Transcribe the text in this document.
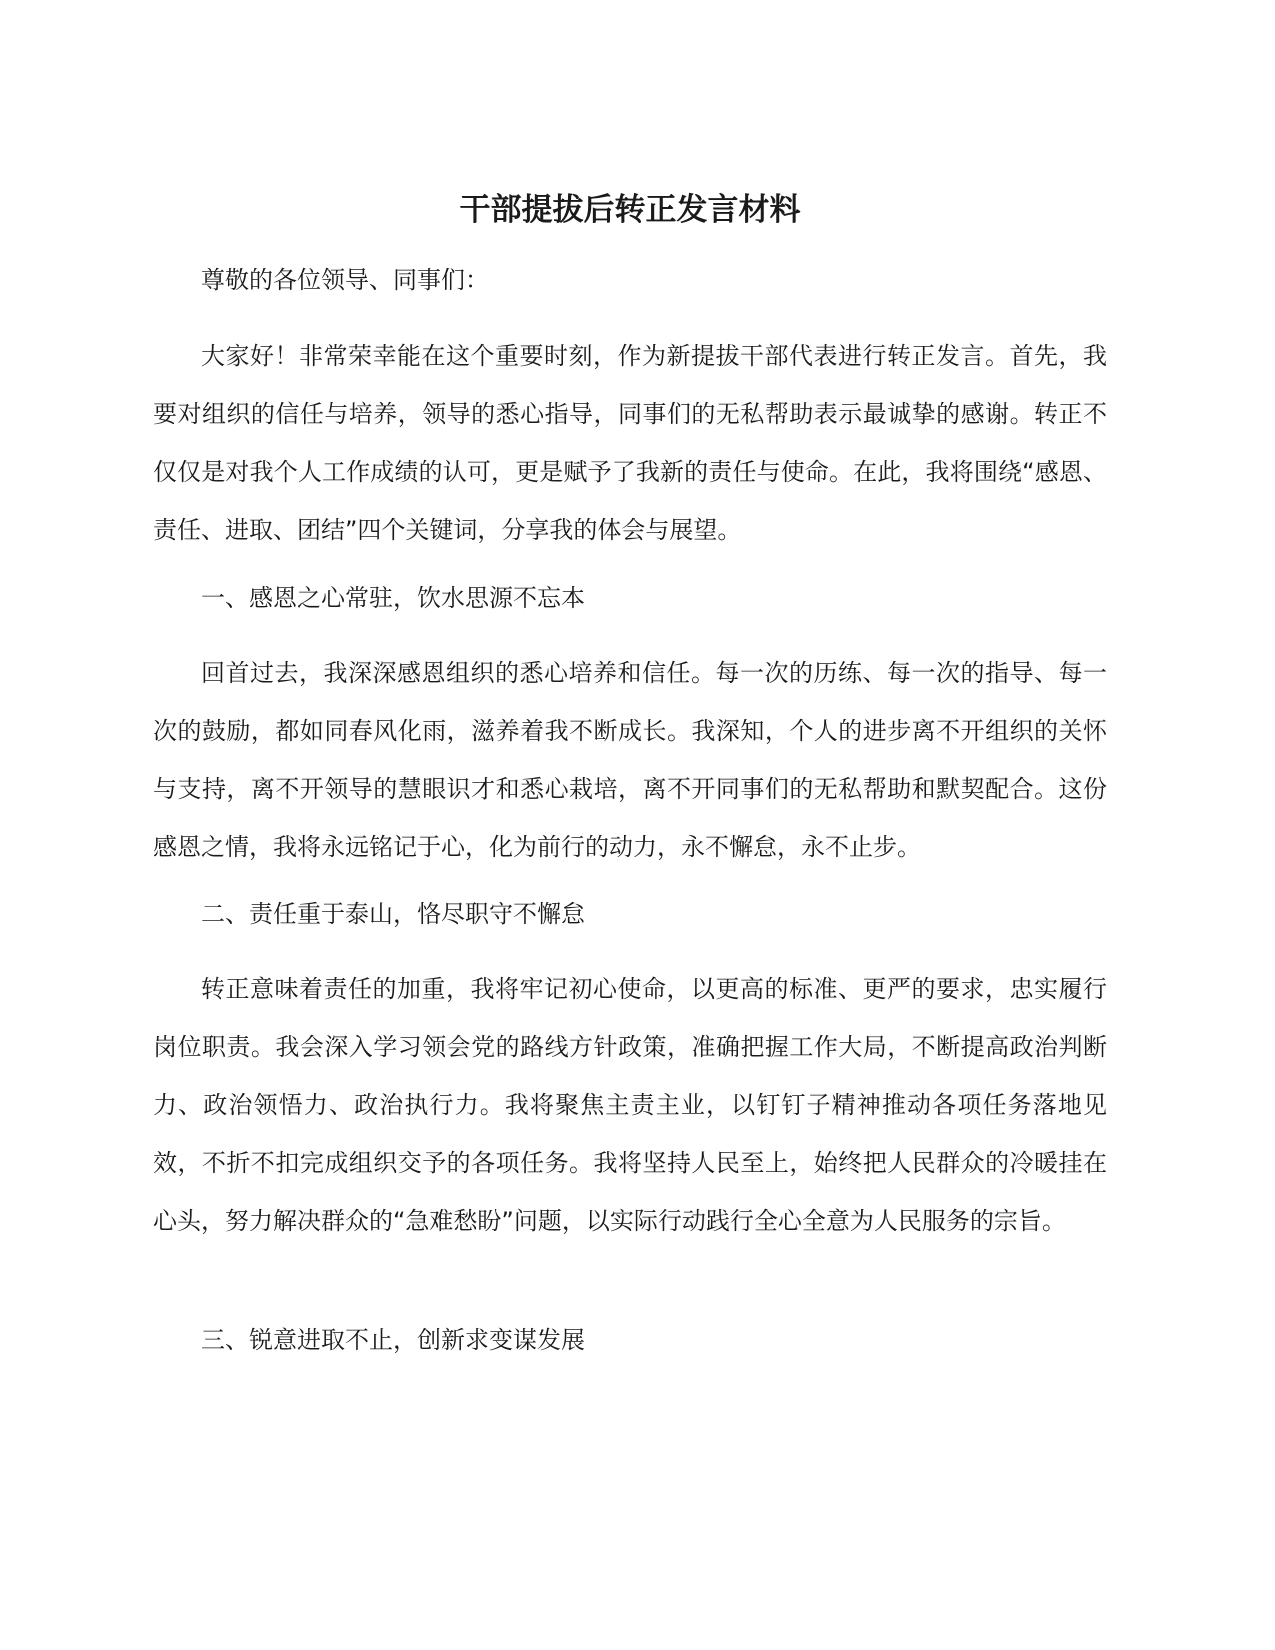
干部提拔后转正发言材料

尊敬的各位领导、同事们：

大家好！非常荣幸能在这个重要时刻，作为新提拔干部代表进行转正发言。首先，我要对组织的信任与培养，领导的悉心指导，同事们的无私帮助表示最诚挚的感谢。转正不仅仅是对我个人工作成绩的认可，更是赋予了我新的责任与使命。在此，我将围绕“感恩、责任、进取、团结”四个关键词，分享我的体会与展望。

一、感恩之心常驻，饮水思源不忘本

回首过去，我深深感恩组织的悉心培养和信任。每一次的历练、每一次的指导、每一次的鼓励，都如同春风化雨，滋养着我不断成长。我深知，个人的进步离不开组织的关怀与支持，离不开领导的慧眼识才和悉心栽培，离不开同事们的无私帮助和默契配合。这份感恩之情，我将永远铭记于心，化为前行的动力，永不懈怠，永不止步。

二、责任重于泰山，恪尽职守不懈怠

转正意味着责任的加重，我将牢记初心使命，以更高的标准、更严的要求，忠实履行岗位职责。我会深入学习领会党的路线方针政策，准确把握工作大局，不断提高政治判断力、政治领悟力、政治执行力。我将聚焦主责主业，以钉钉子精神推动各项任务落地见效，不折不扣完成组织交予的各项任务。我将坚持人民至上，始终把人民群众的冷暖挂在心头，努力解决群众的“急难愁盼”问题，以实际行动践行全心全意为人民服务的宗旨。

三、锐意进取不止，创新求变谋发展
